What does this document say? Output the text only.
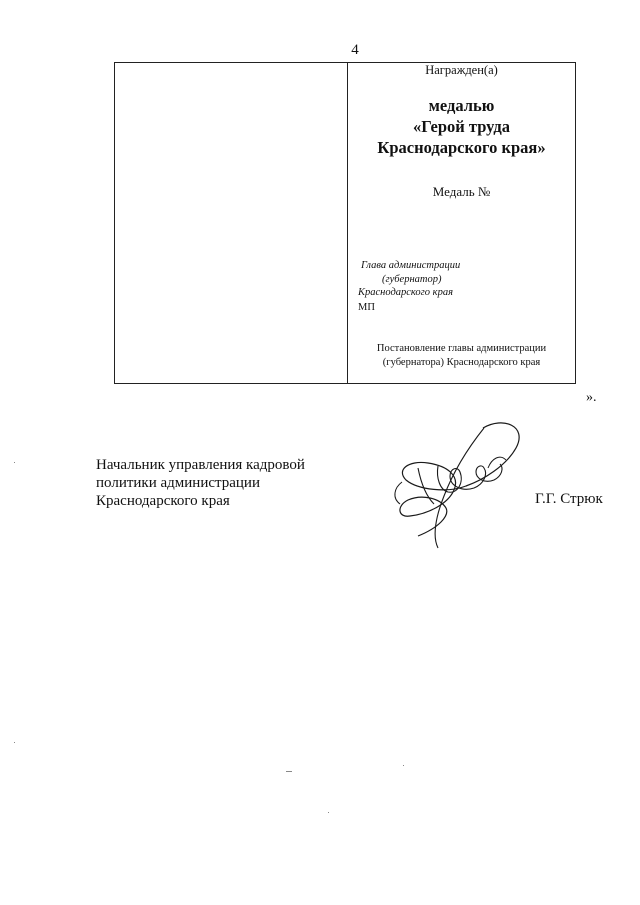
4
Награжден(а)
медалью
«Герой труда
Краснодарского края»
Медаль №
Глава администрации
(губернатор)
Краснодарского края
МП
Постановление главы администрации
(губернатора) Краснодарского края
».
Начальник управления кадровой
политики администрации
Краснодарского края	Г.Г. Стрюк
